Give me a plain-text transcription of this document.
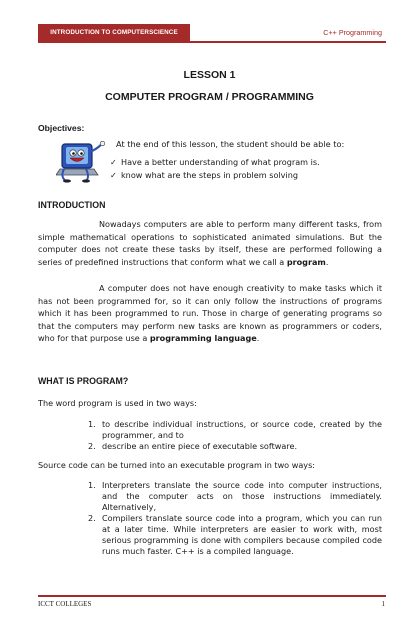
INTRODUCTION TO COMPUTERSCIENCE	C++ Programming
LESSON 1
COMPUTER PROGRAM / PROGRAMMING
Objectives:
At the end of this lesson, the student should be able to:
✓ Have a better understanding of what program is.
✓ know what are the steps in problem solving
INTRODUCTION
Nowadays computers are able to perform many different tasks, from simple mathematical operations to sophisticated animated simulations. But the computer does not create these tasks by itself, these are performed following a series of predefined instructions that conform what we call a program.
A computer does not have enough creativity to make tasks which it has not been programmed for, so it can only follow the instructions of programs which it has been programmed to run. Those in charge of generating programs so that the computers may perform new tasks are known as programmers or coders, who for that purpose use a programming language.
WHAT IS PROGRAM?
The word program is used in two ways:
1. to describe individual instructions, or source code, created by the programmer, and to
2. describe an entire piece of executable software.
Source code can be turned into an executable program in two ways:
1. Interpreters translate the source code into computer instructions, and the computer acts on those instructions immediately. Alternatively,
2. Compilers translate source code into a program, which you can run at a later time. While interpreters are easier to work with, most serious programming is done with compilers because compiled code runs much faster. C++ is a compiled language.
ICCT COLLEGES	1
